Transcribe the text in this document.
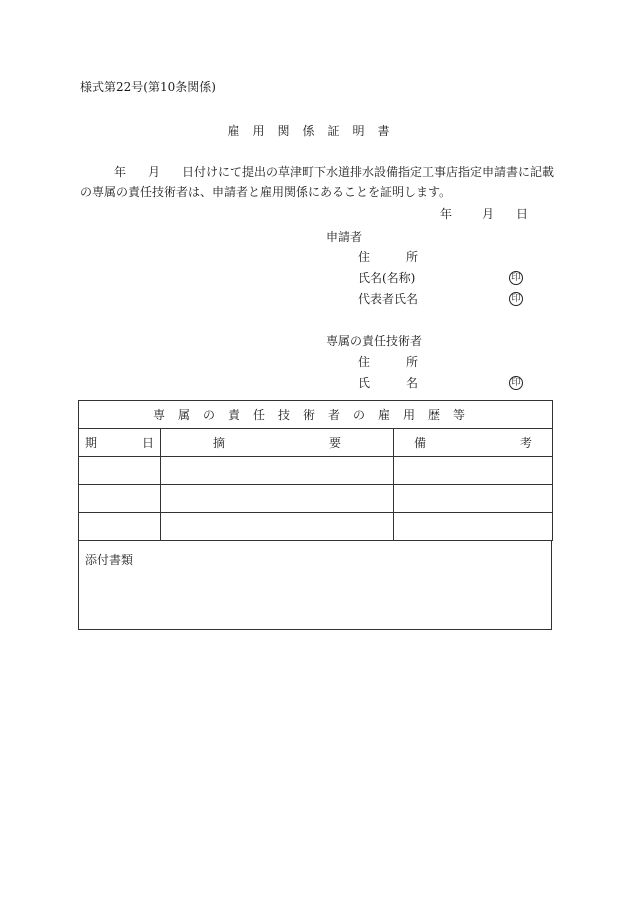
様式第22号(第10条関係)
雇用関係証明書
年 月 日付けにて提出の草津町下水道排水設備指定工事店指定申請書に記載
の専属の責任技術者は、申請者と雇用関係にあることを証明します。
年	月 日
申請者
住	所
氏名(名称)	印
代表者氏名	印
専属の責任技術者
住	所
氏	名	印
専属の責任技術者の雇用歴等		

期 日	摘 要	備 考

添付書類
